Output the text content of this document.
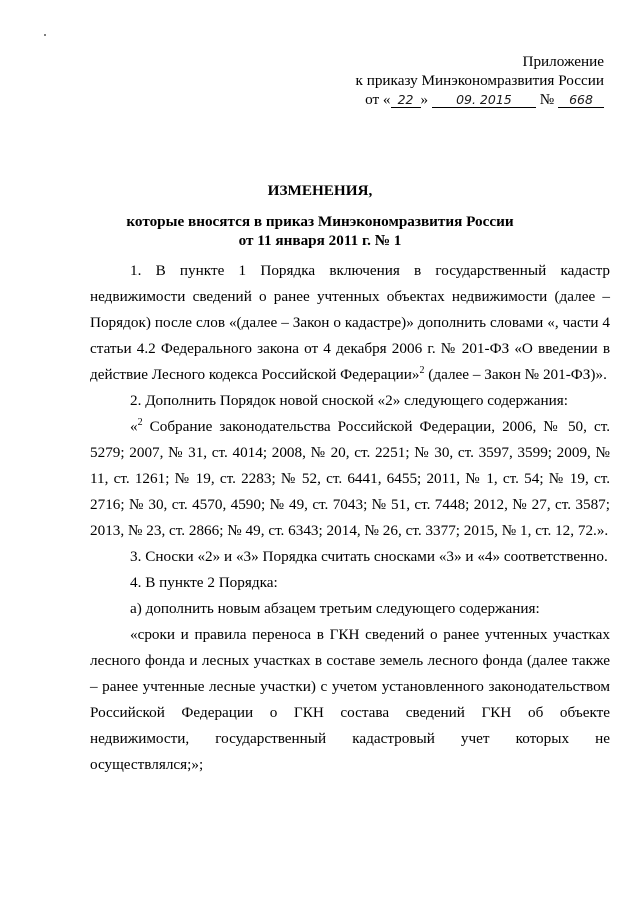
Приложение
к приказу Минэкономразвития России
от « 22 » 09. 2015 № 668
ИЗМЕНЕНИЯ,
которые вносятся в приказ Минэкономразвития России
от 11 января 2011 г. № 1

1. В пункте 1 Порядка включения в государственный кадастр недвижимости сведений о ранее учтенных объектах недвижимости (далее – Порядок) после слов «(далее – Закон о кадастре)» дополнить словами «, части 4 статьи 4.2 Федерального закона от 4 декабря 2006 г. № 201-ФЗ «О введении в действие Лесного кодекса Российской Федерации»$^2$ (далее – Закон № 201-ФЗ)».

2. Дополнить Порядок новой сноской «2» следующего содержания:

«$^2$ Собрание законодательства Российской Федерации, 2006, № 50, ст. 5279; 2007, № 31, ст. 4014; 2008, № 20, ст. 2251; № 30, ст. 3597, 3599; 2009, № 11, ст. 1261; № 19, ст. 2283; № 52, ст. 6441, 6455; 2011, № 1, ст. 54; № 19, ст. 2716; № 30, ст. 4570, 4590; № 49, ст. 7043; № 51, ст. 7448; 2012, № 27, ст. 3587; 2013, № 23, ст. 2866; № 49, ст. 6343; 2014, № 26, ст. 3377; 2015, № 1, ст. 12, 72.».

3. Сноски «2» и «3» Порядка считать сносками «3» и «4» соответственно.

4. В пункте 2 Порядка:

а) дополнить новым абзацем третьим следующего содержания:

«сроки и правила переноса в ГКН сведений о ранее учтенных участках лесного фонда и лесных участках в составе земель лесного фонда (далее также – ранее учтенные лесные участки) с учетом установленного законодательством Российской Федерации о ГКН состава сведений ГКН об объекте недвижимости, государственный кадастровый учет которых не осуществлялся;»;
